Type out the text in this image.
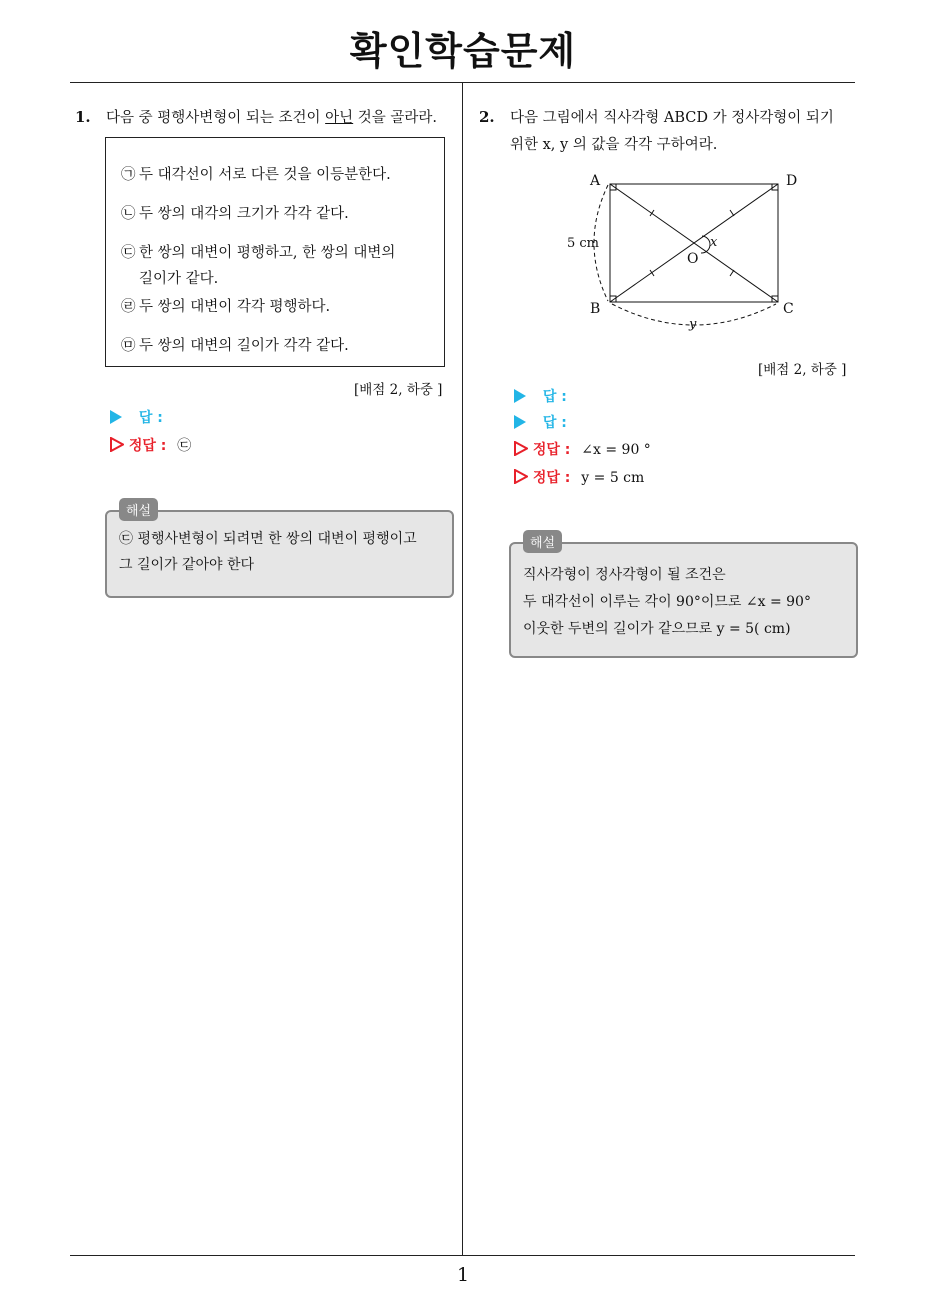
확인학습문제
1. 다음 중 평행사변형이 되는 조건이 아닌 것을 골라라.
㉠ 두 대각선이 서로 다른 것을 이등분한다.
㉡ 두 쌍의 대각의 크기가 각각 같다.
㉢ 한 쌍의 대변이 평행하고, 한 쌍의 대변의
길이가 같다.
㉣ 두 쌍의 대변이 각각 평행하다.
㉤ 두 쌍의 대변의 길이가 각각 같다.
[배점 2, 하중 ]
답 :
정답 : ㉢
㉢ 평행사변형이 되려면 한 쌍의 대변이 평행이고
그 길이가 같아야 한다
해설
2. 다음 그림에서 직사각형 ABCD 가 정사각형이 되기
위한 x, y 의 값을 각각 구하여라.
A	D
B	C
O
x
y
5 cm
[배점 2, 하중 ]
답 :
답 :
정답 : ∠x = 90 °
정답 : y = 5 cm
직사각형이 정사각형이 될 조건은
두 대각선이 이루는 각이 90°이므로 ∠x = 90°
이웃한 두변의 길이가 같으므로 y = 5( cm)
해설
1
